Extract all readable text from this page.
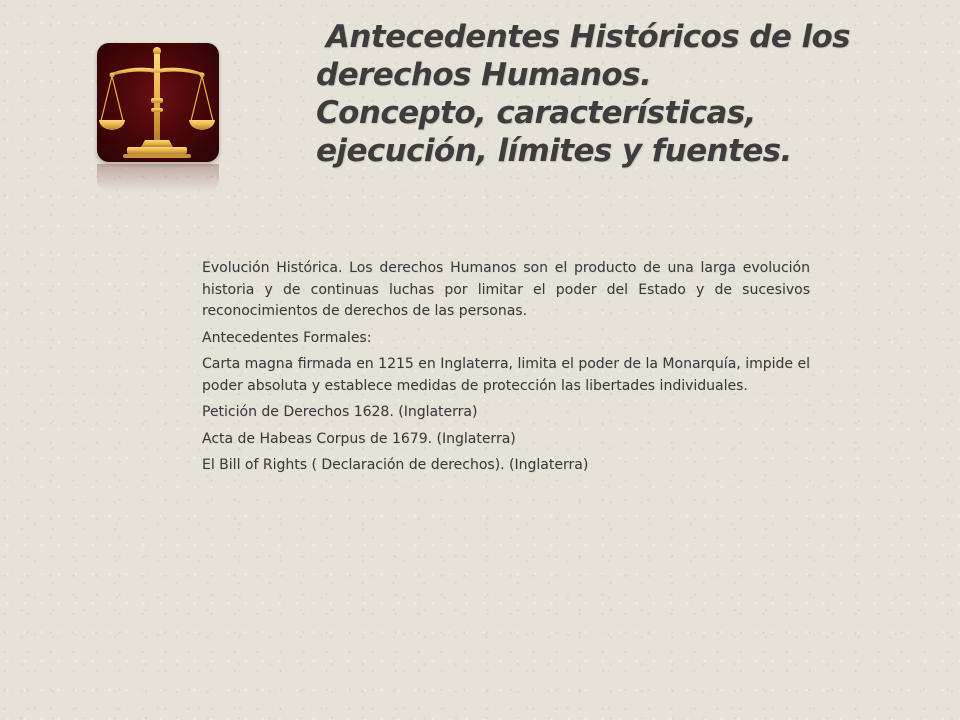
Antecedentes Históricos de los
derechos Humanos.
Concepto, características,
ejecución, límites y fuentes.

Evolución Histórica. Los derechos Humanos son el producto de una larga evolución historia y de continuas luchas por limitar el poder del Estado y de sucesivos reconocimientos de derechos de las personas.

Antecedentes Formales:

Carta magna firmada en 1215 en Inglaterra, limita el poder de la Monarquía, impide el poder absoluta y establece medidas de protección las libertades individuales.

Petición de Derechos 1628. (Inglaterra)

Acta de Habeas Corpus de 1679. (Inglaterra)

El Bill of Rights ( Declaración de derechos). (Inglaterra)
